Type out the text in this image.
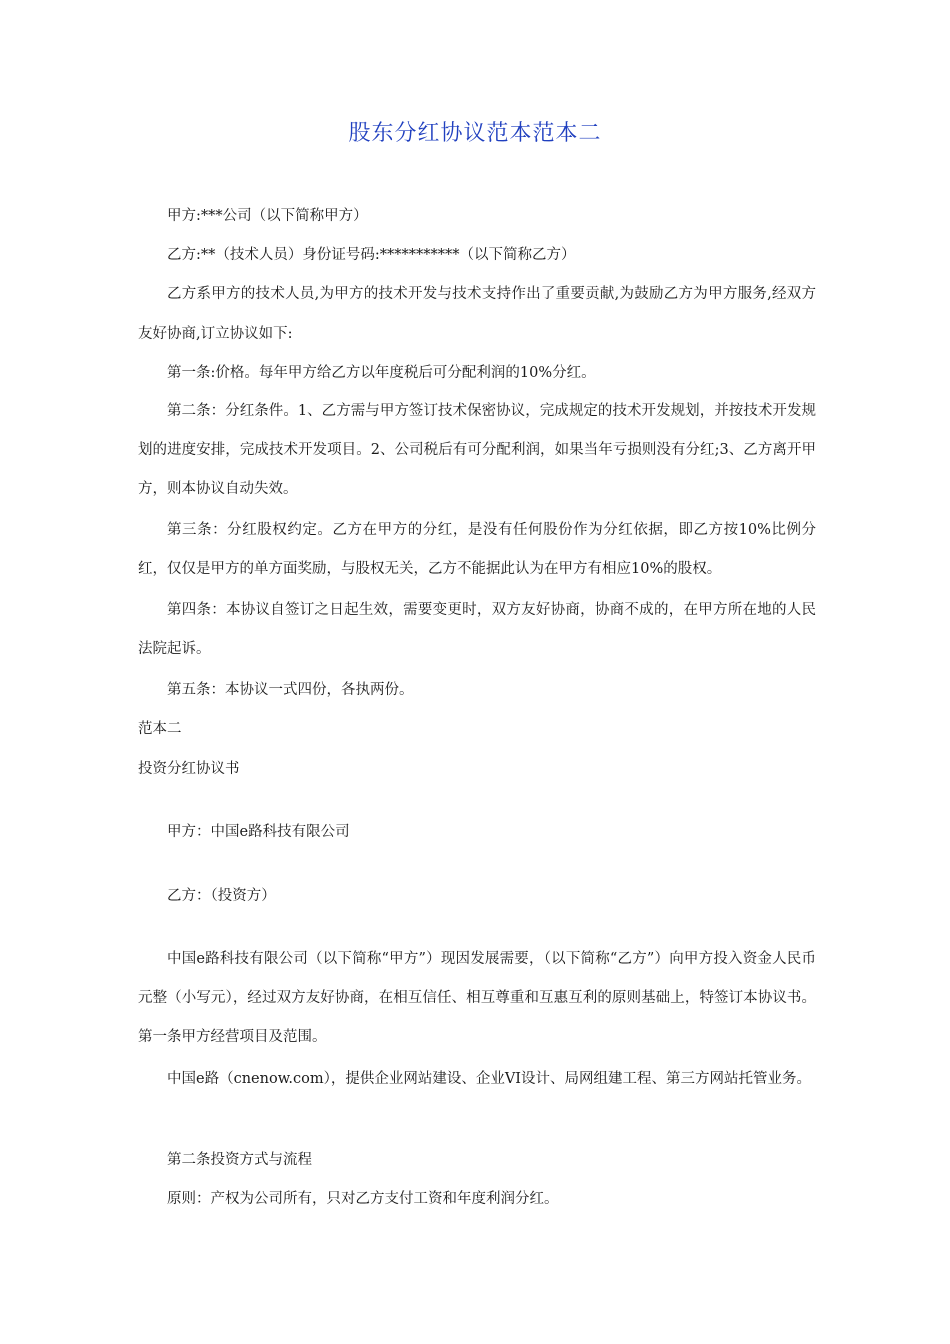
股东分红协议范本范本二

甲方:***公司（以下简称甲方）

乙方:**（技术人员）身份证号码:***********（以下简称乙方）

乙方系甲方的技术人员,为甲方的技术开发与技术支持作出了重要贡献,为鼓励乙方为甲方服务,经双方友好协商,订立协议如下:

第一条:价格。每年甲方给乙方以年度税后可分配利润的10%分红。

第二条：分红条件。1、乙方需与甲方签订技术保密协议，完成规定的技术开发规划，并按技术开发规划的进度安排，完成技术开发项目。2、公司税后有可分配利润，如果当年亏损则没有分红;3、乙方离开甲方，则本协议自动失效。

第三条：分红股权约定。乙方在甲方的分红，是没有任何股份作为分红依据，即乙方按10%比例分红，仅仅是甲方的单方面奖励，与股权无关，乙方不能据此认为在甲方有相应10%的股权。

第四条：本协议自签订之日起生效，需要变更时，双方友好协商，协商不成的，在甲方所在地的人民法院起诉。

第五条：本协议一式四份，各执两份。

范本二

投资分红协议书

甲方：中国e路科技有限公司

乙方：（投资方）

中国e路科技有限公司（以下简称“甲方”）现因发展需要，（以下简称“乙方”）向甲方投入资金人民币元整（小写元），经过双方友好协商，在相互信任、相互尊重和互惠互利的原则基础上，特签订本协议书。第一条甲方经营项目及范围。

中国e路（cnenow.com），提供企业网站建设、企业VI设计、局网组建工程、第三方网站托管业务。

第二条投资方式与流程

原则：产权为公司所有，只对乙方支付工资和年度利润分红。
